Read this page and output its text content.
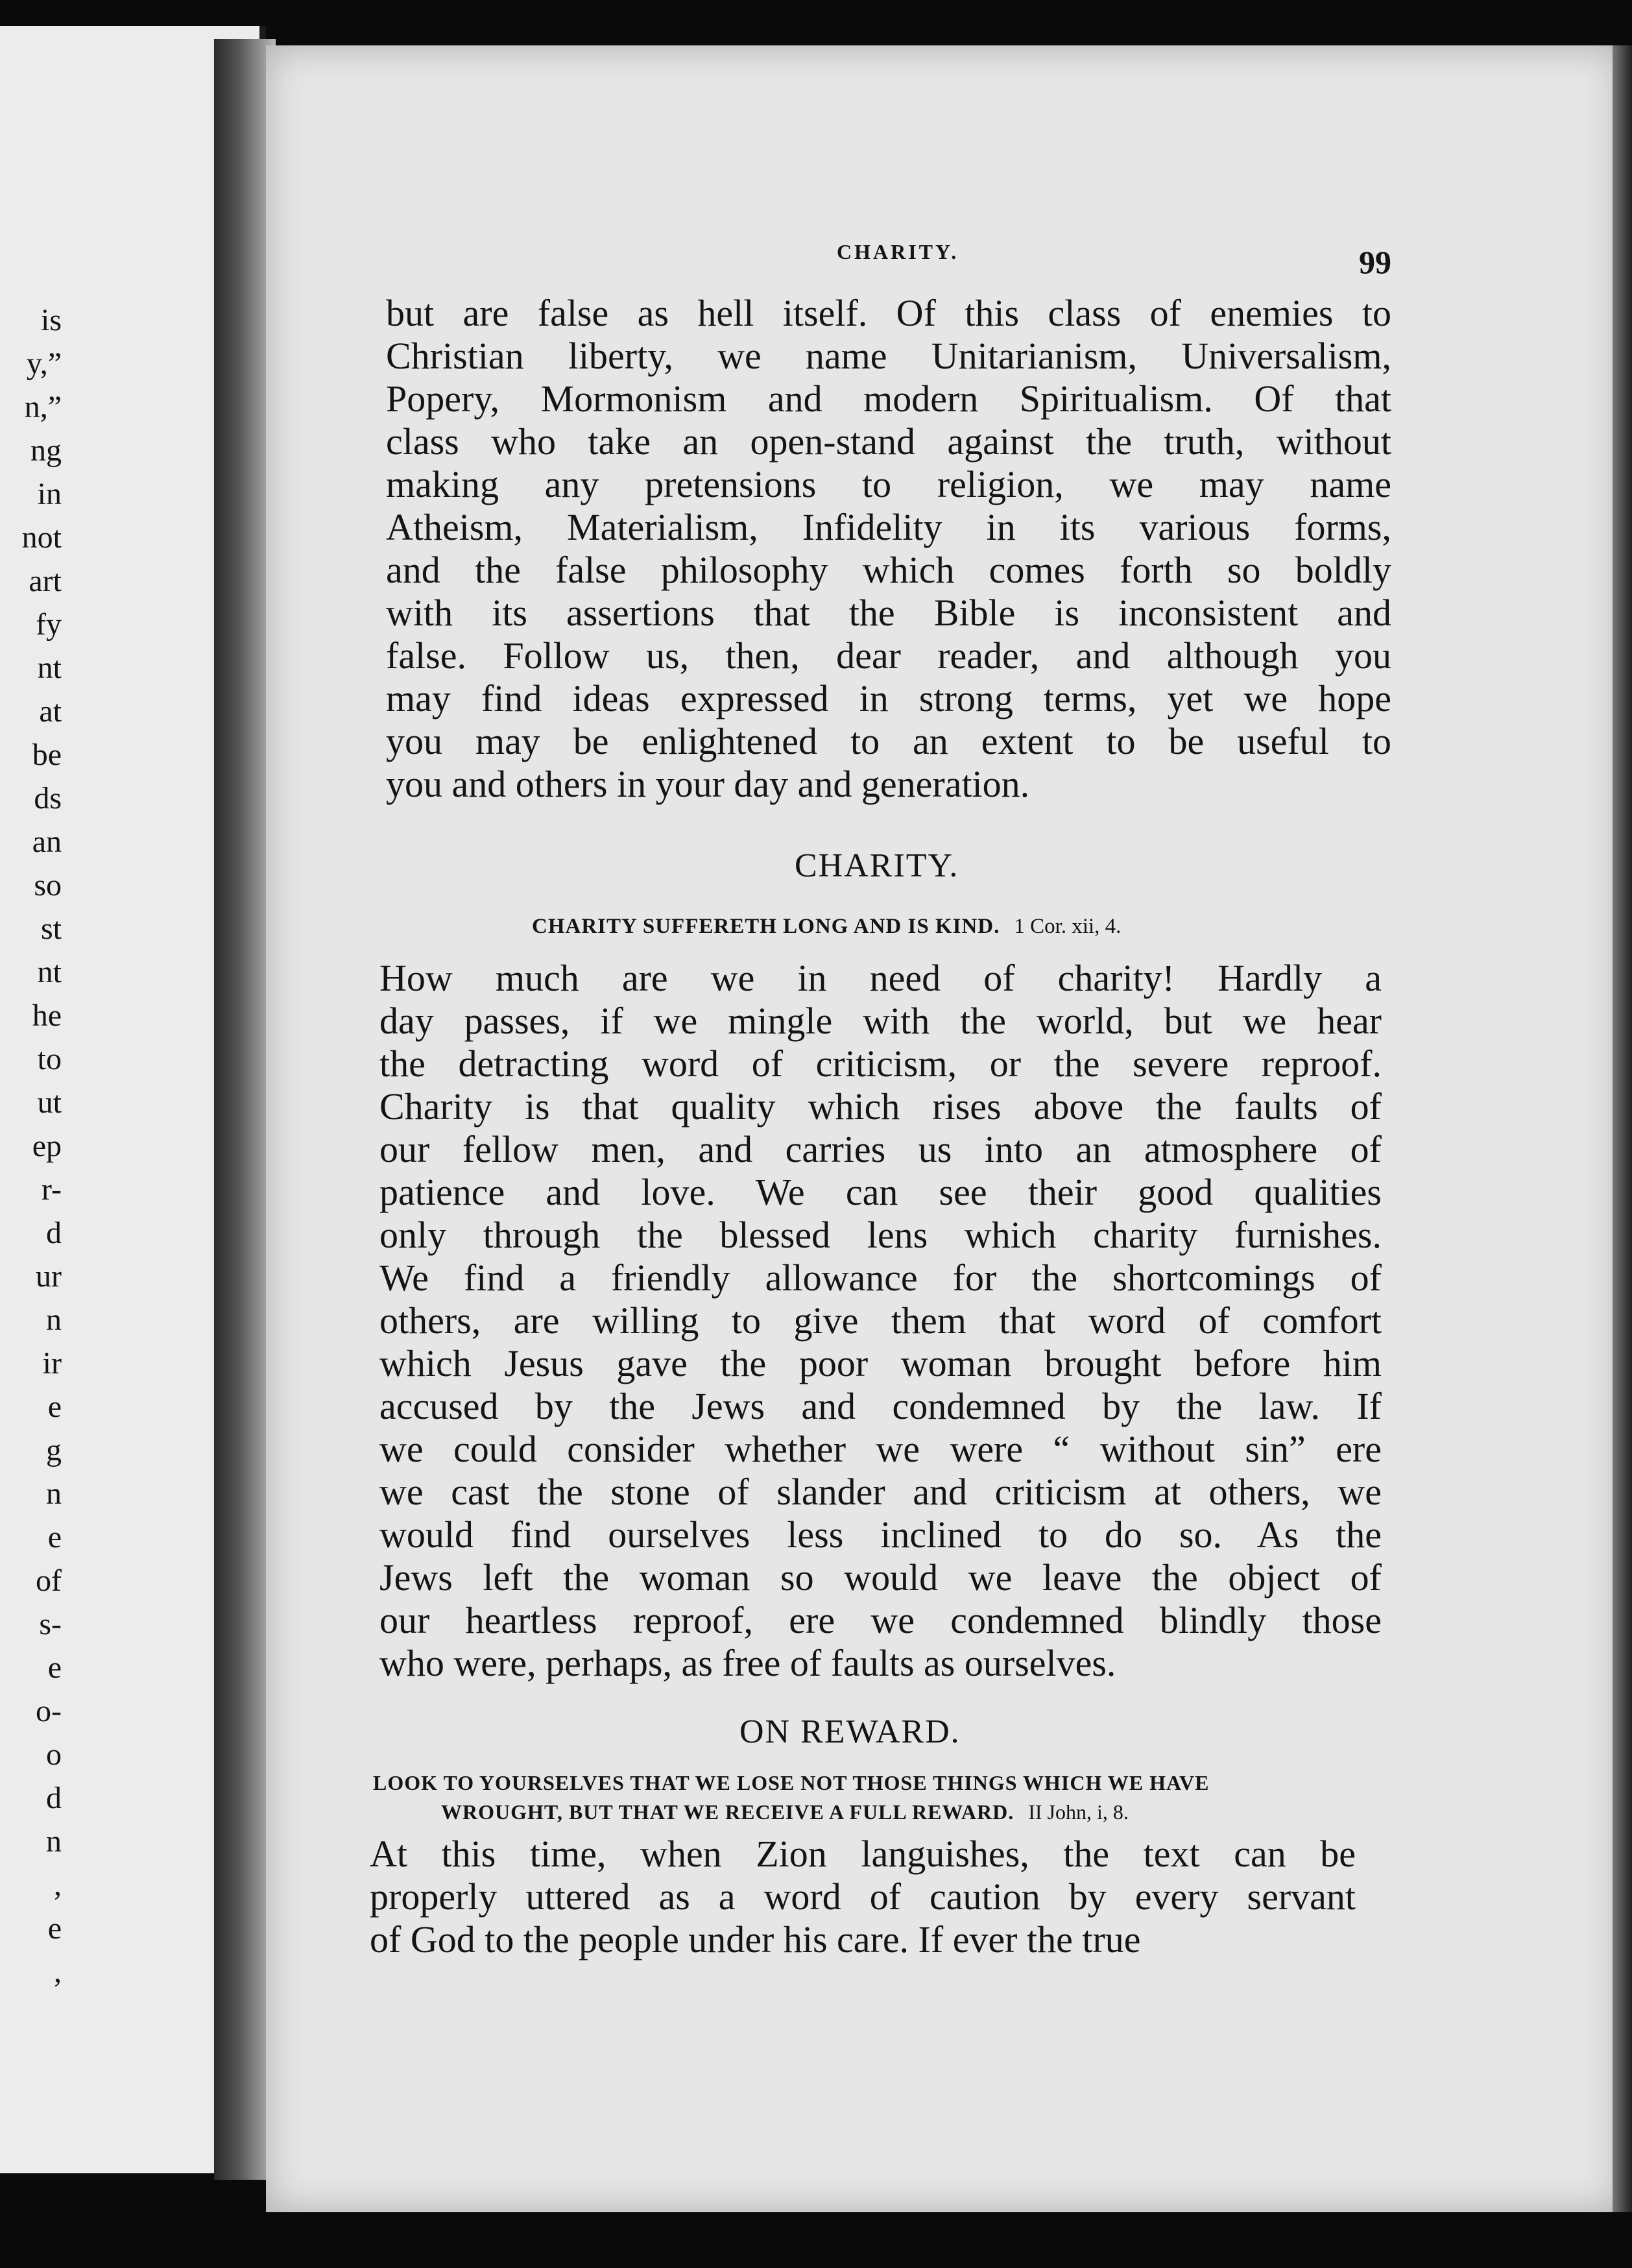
is
y,”
n,”
ng
in
not
art
fy
nt
at
be
ds
an
so
st
nt
he
to
ut
ep
r-
d
ur
n
ir
e
g
n
e
of
s-
e
o-
o
d
n
,
e
,
CHARITY.	99
but are false as hell itself. Of this class of enemies to
Christian liberty, we name Unitarianism, Universalism,
Popery, Mormonism and modern Spiritualism. Of that
class who take an open-stand against the truth, without
making any pretensions to religion, we may name
Atheism, Materialism, Infidelity in its various forms,
and the false philosophy which comes forth so boldly
with its assertions that the Bible is inconsistent and
false. Follow us, then, dear reader, and although you
may find ideas expressed in strong terms, yet we hope
you may be enlightened to an extent to be useful to
you and others in your day and generation.
CHARITY.
CHARITY SUFFERETH LONG AND IS KIND. 1 Cor. xii, 4.
How much are we in need of charity! Hardly a
day passes, if we mingle with the world, but we hear
the detracting word of criticism, or the severe reproof.
Charity is that quality which rises above the faults of
our fellow men, and carries us into an atmosphere of
patience and love. We can see their good qualities
only through the blessed lens which charity furnishes.
We find a friendly allowance for the shortcomings of
others, are willing to give them that word of comfort
which Jesus gave the poor woman brought before him
accused by the Jews and condemned by the law. If
we could consider whether we were “ without sin” ere
we cast the stone of slander and criticism at others, we
would find ourselves less inclined to do so. As the
Jews left the woman so would we leave the object of
our heartless reproof, ere we condemned blindly those
who were, perhaps, as free of faults as ourselves.
ON REWARD.
LOOK TO YOURSELVES THAT WE LOSE NOT THOSE THINGS WHICH WE HAVE
WROUGHT, BUT THAT WE RECEIVE A FULL REWARD. II John, i, 8.
At this time, when Zion languishes, the text can be
properly uttered as a word of caution by every servant
of God to the people under his care. If ever the true
